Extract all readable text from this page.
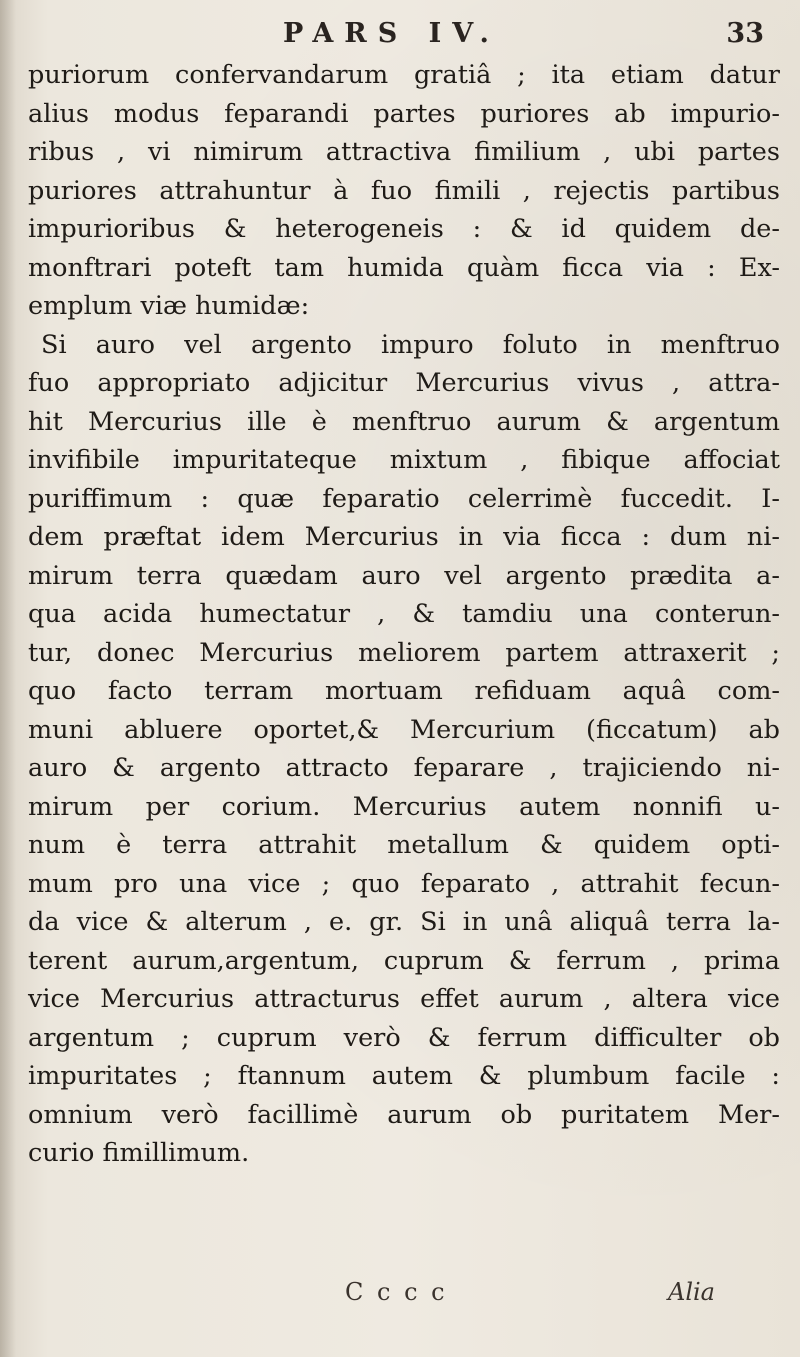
PARS IV.	33
puriorum confervandarum gratiâ ; ita etiam datur
alius modus feparandi partes puriores ab impurio-
ribus , vi nimirum attractiva fimilium , ubi partes
puriores attrahuntur à fuo fimili , rejectis partibus
impurioribus & heterogeneis : & id quidem de-
monftrari poteft tam humida quàm ficca via : Ex-
emplum viæ humidæ:
Si auro vel argento impuro foluto in menftruo
fuo appropriato adjicitur Mercurius vivus , attra-
hit Mercurius ille è menftruo aurum & argentum
invifibile impuritateque mixtum , fibique affociat
puriffimum : quæ feparatio celerrimè fuccedit. I-
dem præftat idem Mercurius in via ficca : dum ni-
mirum terra quædam auro vel argento prædita a-
qua acida humectatur , & tamdiu una conterun-
tur, donec Mercurius meliorem partem attraxerit ;
quo facto terram mortuam refiduam aquâ com-
muni abluere oportet,& Mercurium (ficcatum) ab
auro & argento attracto feparare , trajiciendo ni-
mirum per corium. Mercurius autem nonnifi u-
num è terra attrahit metallum & quidem opti-
mum pro una vice ; quo feparato , attrahit fecun-
da vice & alterum , e. gr. Si in unâ aliquâ terra la-
terent aurum,argentum, cuprum & ferrum , prima
vice Mercurius attracturus effet aurum , altera vice
argentum ; cuprum verò & ferrum difficulter ob
impuritates ; ftannum autem & plumbum facile :
omnium verò facillimè aurum ob puritatem Mer-
curio fimillimum.
C c c c	Alia
